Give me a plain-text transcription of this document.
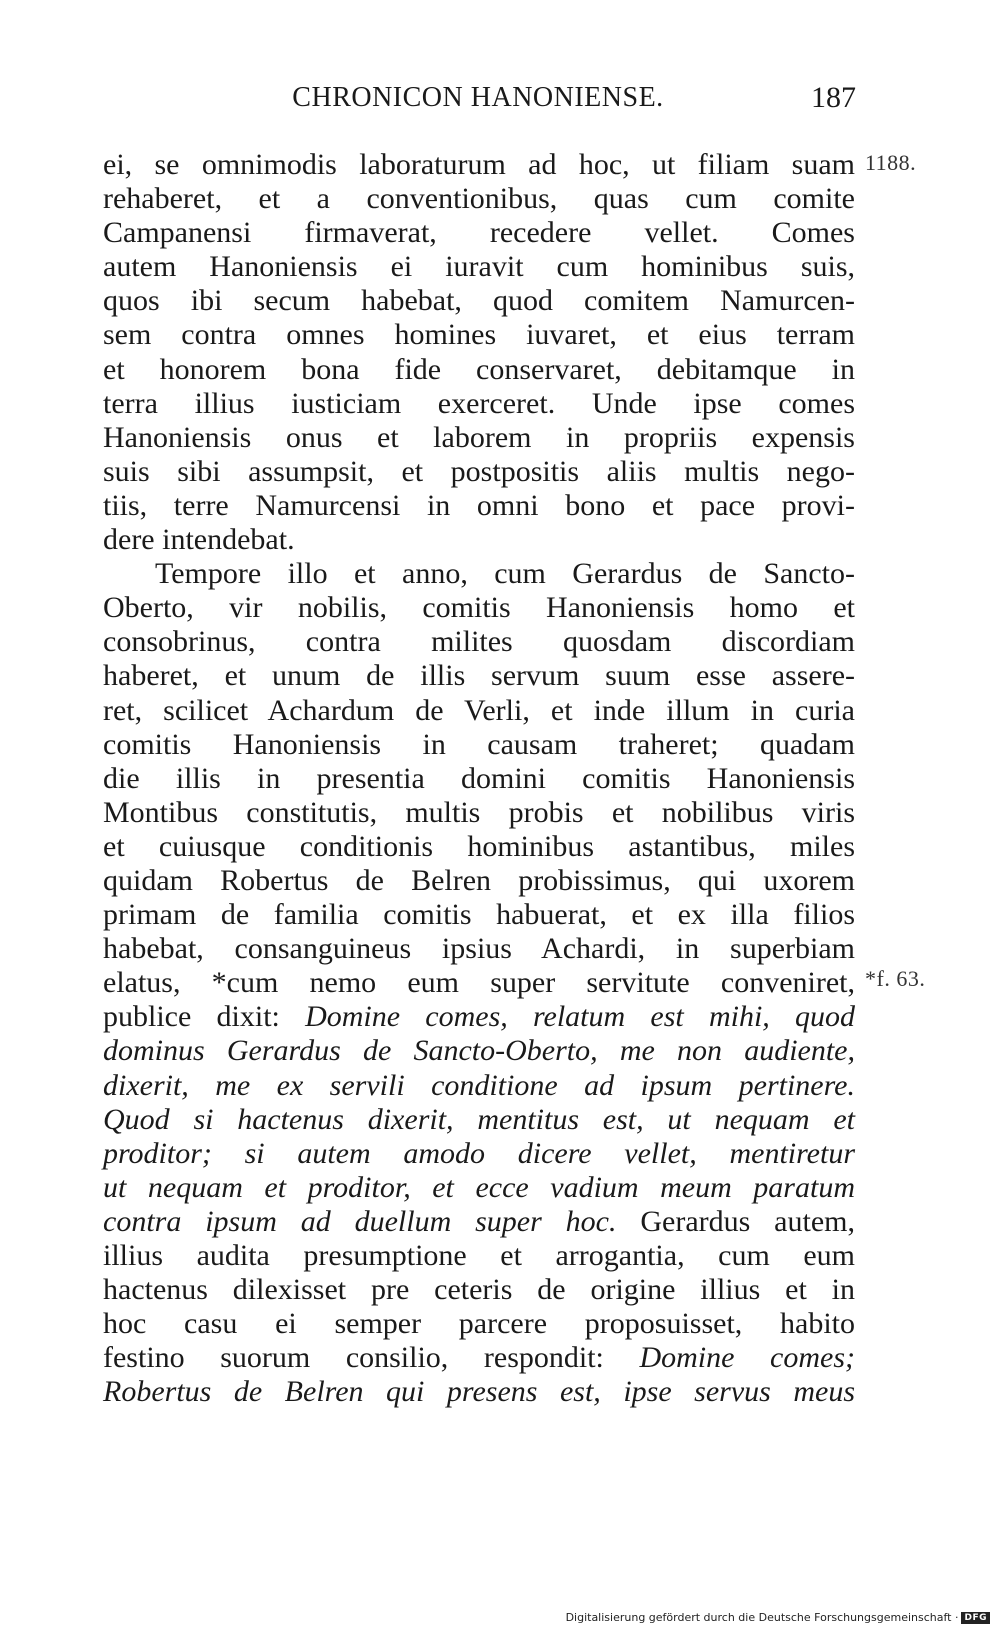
CHRONICON HANONIENSE.	187
ei, se omnimodis laboraturum ad hoc, ut filiam suam
rehaberet, et a conventionibus, quas cum comite
Campanensi firmaverat, recedere vellet. Comes
autem Hanoniensis ei iuravit cum hominibus suis,
quos ibi secum habebat, quod comitem Namurcen-
sem contra omnes homines iuvaret, et eius terram
et honorem bona fide conservaret, debitamque in
terra illius iusticiam exerceret. Unde ipse comes
Hanoniensis onus et laborem in propriis expensis
suis sibi assumpsit, et postpositis aliis multis nego-
tiis, terre Namurcensi in omni bono et pace provi-
dere intendebat.
Tempore illo et anno, cum Gerardus de Sancto-
Oberto, vir nobilis, comitis Hanoniensis homo et
consobrinus, contra milites quosdam discordiam
haberet, et unum de illis servum suum esse assere-
ret, scilicet Achardum de Verli, et inde illum in curia
comitis Hanoniensis in causam traheret; quadam
die illis in presentia domini comitis Hanoniensis
Montibus constitutis, multis probis et nobilibus viris
et cuiusque conditionis hominibus astantibus, miles
quidam Robertus de Belren probissimus, qui uxorem
primam de familia comitis habuerat, et ex illa filios
habebat, consanguineus ipsius Achardi, in superbiam
elatus, *cum nemo eum super servitute conveniret,
publice dixit: Domine comes, relatum est mihi, quod
dominus Gerardus de Sancto-Oberto, me non audiente,
dixerit, me ex servili conditione ad ipsum pertinere.
Quod si hactenus dixerit, mentitus est, ut nequam et
proditor; si autem amodo dicere vellet, mentiretur
ut nequam et proditor, et ecce vadium meum paratum
contra ipsum ad duellum super hoc. Gerardus autem,
illius audita presumptione et arrogantia, cum eum
hactenus dilexisset pre ceteris de origine illius et in
hoc casu ei semper parcere proposuisset, habito
festino suorum consilio, respondit: Domine comes;
Robertus de Belren qui presens est, ipse servus meus
1188.
*f. 63.
Digitalisierung gefördert durch die Deutsche Forschungsgemeinschaft · DFG
